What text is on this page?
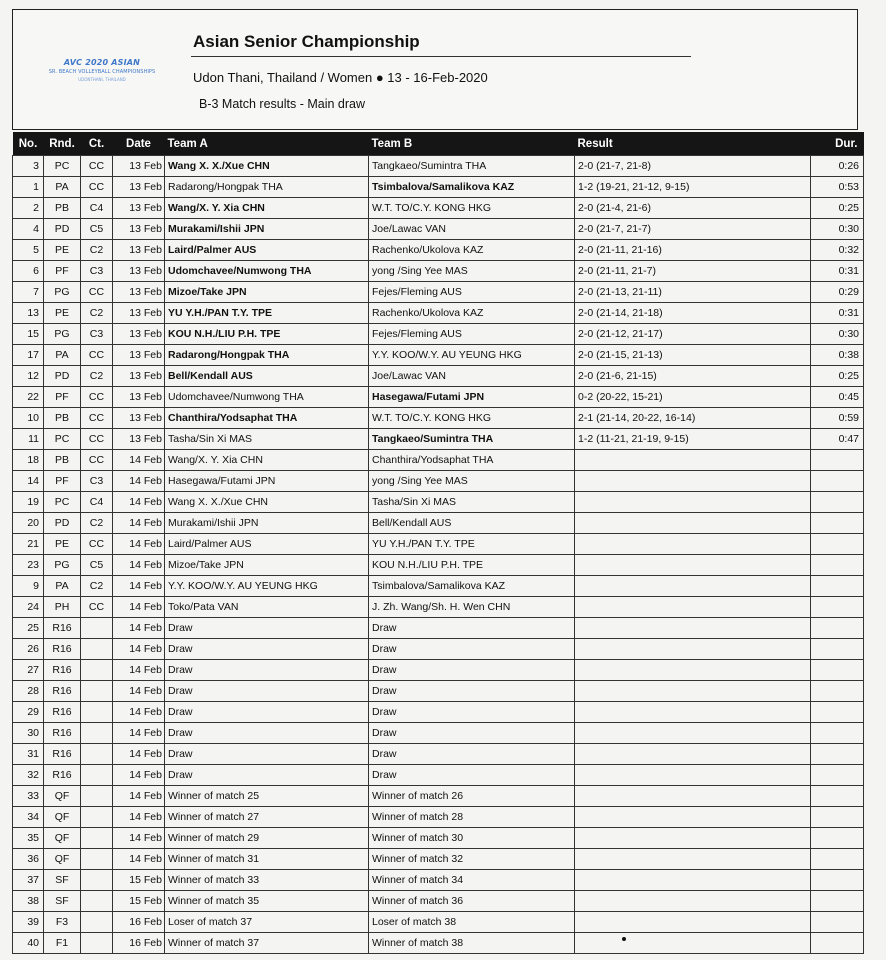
AVC 2020 ASIAN
SR. BEACH VOLLEYBALL CHAMPIONSHIPS
UDONTHANI, THAILAND
Asian Senior Championship
Udon Thani, Thailand / Women ● 13 - 16-Feb-2020
B-3 Match results - Main draw
No.	Rnd.	Ct.	Date	Team A	Team B	Result	Dur.
3	PC	CC	13 Feb	Wang X. X./Xue CHN	Tangkaeo/Sumintra THA	2-0 (21-7, 21-8)	0:26
1	PA	CC	13 Feb	Radarong/Hongpak THA	Tsimbalova/Samalikova KAZ	1-2 (19-21, 21-12, 9-15)	0:53
2	PB	C4	13 Feb	Wang/X. Y. Xia CHN	W.T. TO/C.Y. KONG HKG	2-0 (21-4, 21-6)	0:25
4	PD	C5	13 Feb	Murakami/Ishii JPN	Joe/Lawac VAN	2-0 (21-7, 21-7)	0:30
5	PE	C2	13 Feb	Laird/Palmer AUS	Rachenko/Ukolova KAZ	2-0 (21-11, 21-16)	0:32
6	PF	C3	13 Feb	Udomchavee/Numwong THA	yong /Sing Yee MAS	2-0 (21-11, 21-7)	0:31
7	PG	CC	13 Feb	Mizoe/Take JPN	Fejes/Fleming AUS	2-0 (21-13, 21-11)	0:29
13	PE	C2	13 Feb	YU Y.H./PAN T.Y. TPE	Rachenko/Ukolova KAZ	2-0 (21-14, 21-18)	0:31
15	PG	C3	13 Feb	KOU N.H./LIU P.H. TPE	Fejes/Fleming AUS	2-0 (21-12, 21-17)	0:30
17	PA	CC	13 Feb	Radarong/Hongpak THA	Y.Y. KOO/W.Y. AU YEUNG HKG	2-0 (21-15, 21-13)	0:38
12	PD	C2	13 Feb	Bell/Kendall AUS	Joe/Lawac VAN	2-0 (21-6, 21-15)	0:25
22	PF	CC	13 Feb	Udomchavee/Numwong THA	Hasegawa/Futami JPN	0-2 (20-22, 15-21)	0:45
10	PB	CC	13 Feb	Chanthira/Yodsaphat THA	W.T. TO/C.Y. KONG HKG	2-1 (21-14, 20-22, 16-14)	0:59
11	PC	CC	13 Feb	Tasha/Sin Xi MAS	Tangkaeo/Sumintra THA	1-2 (11-21, 21-19, 9-15)	0:47
18	PB	CC	14 Feb	Wang/X. Y. Xia CHN	Chanthira/Yodsaphat THA		
14	PF	C3	14 Feb	Hasegawa/Futami JPN	yong /Sing Yee MAS		
19	PC	C4	14 Feb	Wang X. X./Xue CHN	Tasha/Sin Xi MAS		
20	PD	C2	14 Feb	Murakami/Ishii JPN	Bell/Kendall AUS		
21	PE	CC	14 Feb	Laird/Palmer AUS	YU Y.H./PAN T.Y. TPE		
23	PG	C5	14 Feb	Mizoe/Take JPN	KOU N.H./LIU P.H. TPE		
9	PA	C2	14 Feb	Y.Y. KOO/W.Y. AU YEUNG HKG	Tsimbalova/Samalikova KAZ		
24	PH	CC	14 Feb	Toko/Pata VAN	J. Zh. Wang/Sh. H. Wen CHN		
25	R16		14 Feb	Draw	Draw		
26	R16		14 Feb	Draw	Draw		
27	R16		14 Feb	Draw	Draw		
28	R16		14 Feb	Draw	Draw		
29	R16		14 Feb	Draw	Draw		
30	R16		14 Feb	Draw	Draw		
31	R16		14 Feb	Draw	Draw		
32	R16		14 Feb	Draw	Draw		
33	QF		14 Feb	Winner of match 25	Winner of match 26		
34	QF		14 Feb	Winner of match 27	Winner of match 28		
35	QF		14 Feb	Winner of match 29	Winner of match 30		
36	QF		14 Feb	Winner of match 31	Winner of match 32		
37	SF		15 Feb	Winner of match 33	Winner of match 34		
38	SF		15 Feb	Winner of match 35	Winner of match 36		
39	F3		16 Feb	Loser of match 37	Loser of match 38		
40	F1		16 Feb	Winner of match 37	Winner of match 38		
